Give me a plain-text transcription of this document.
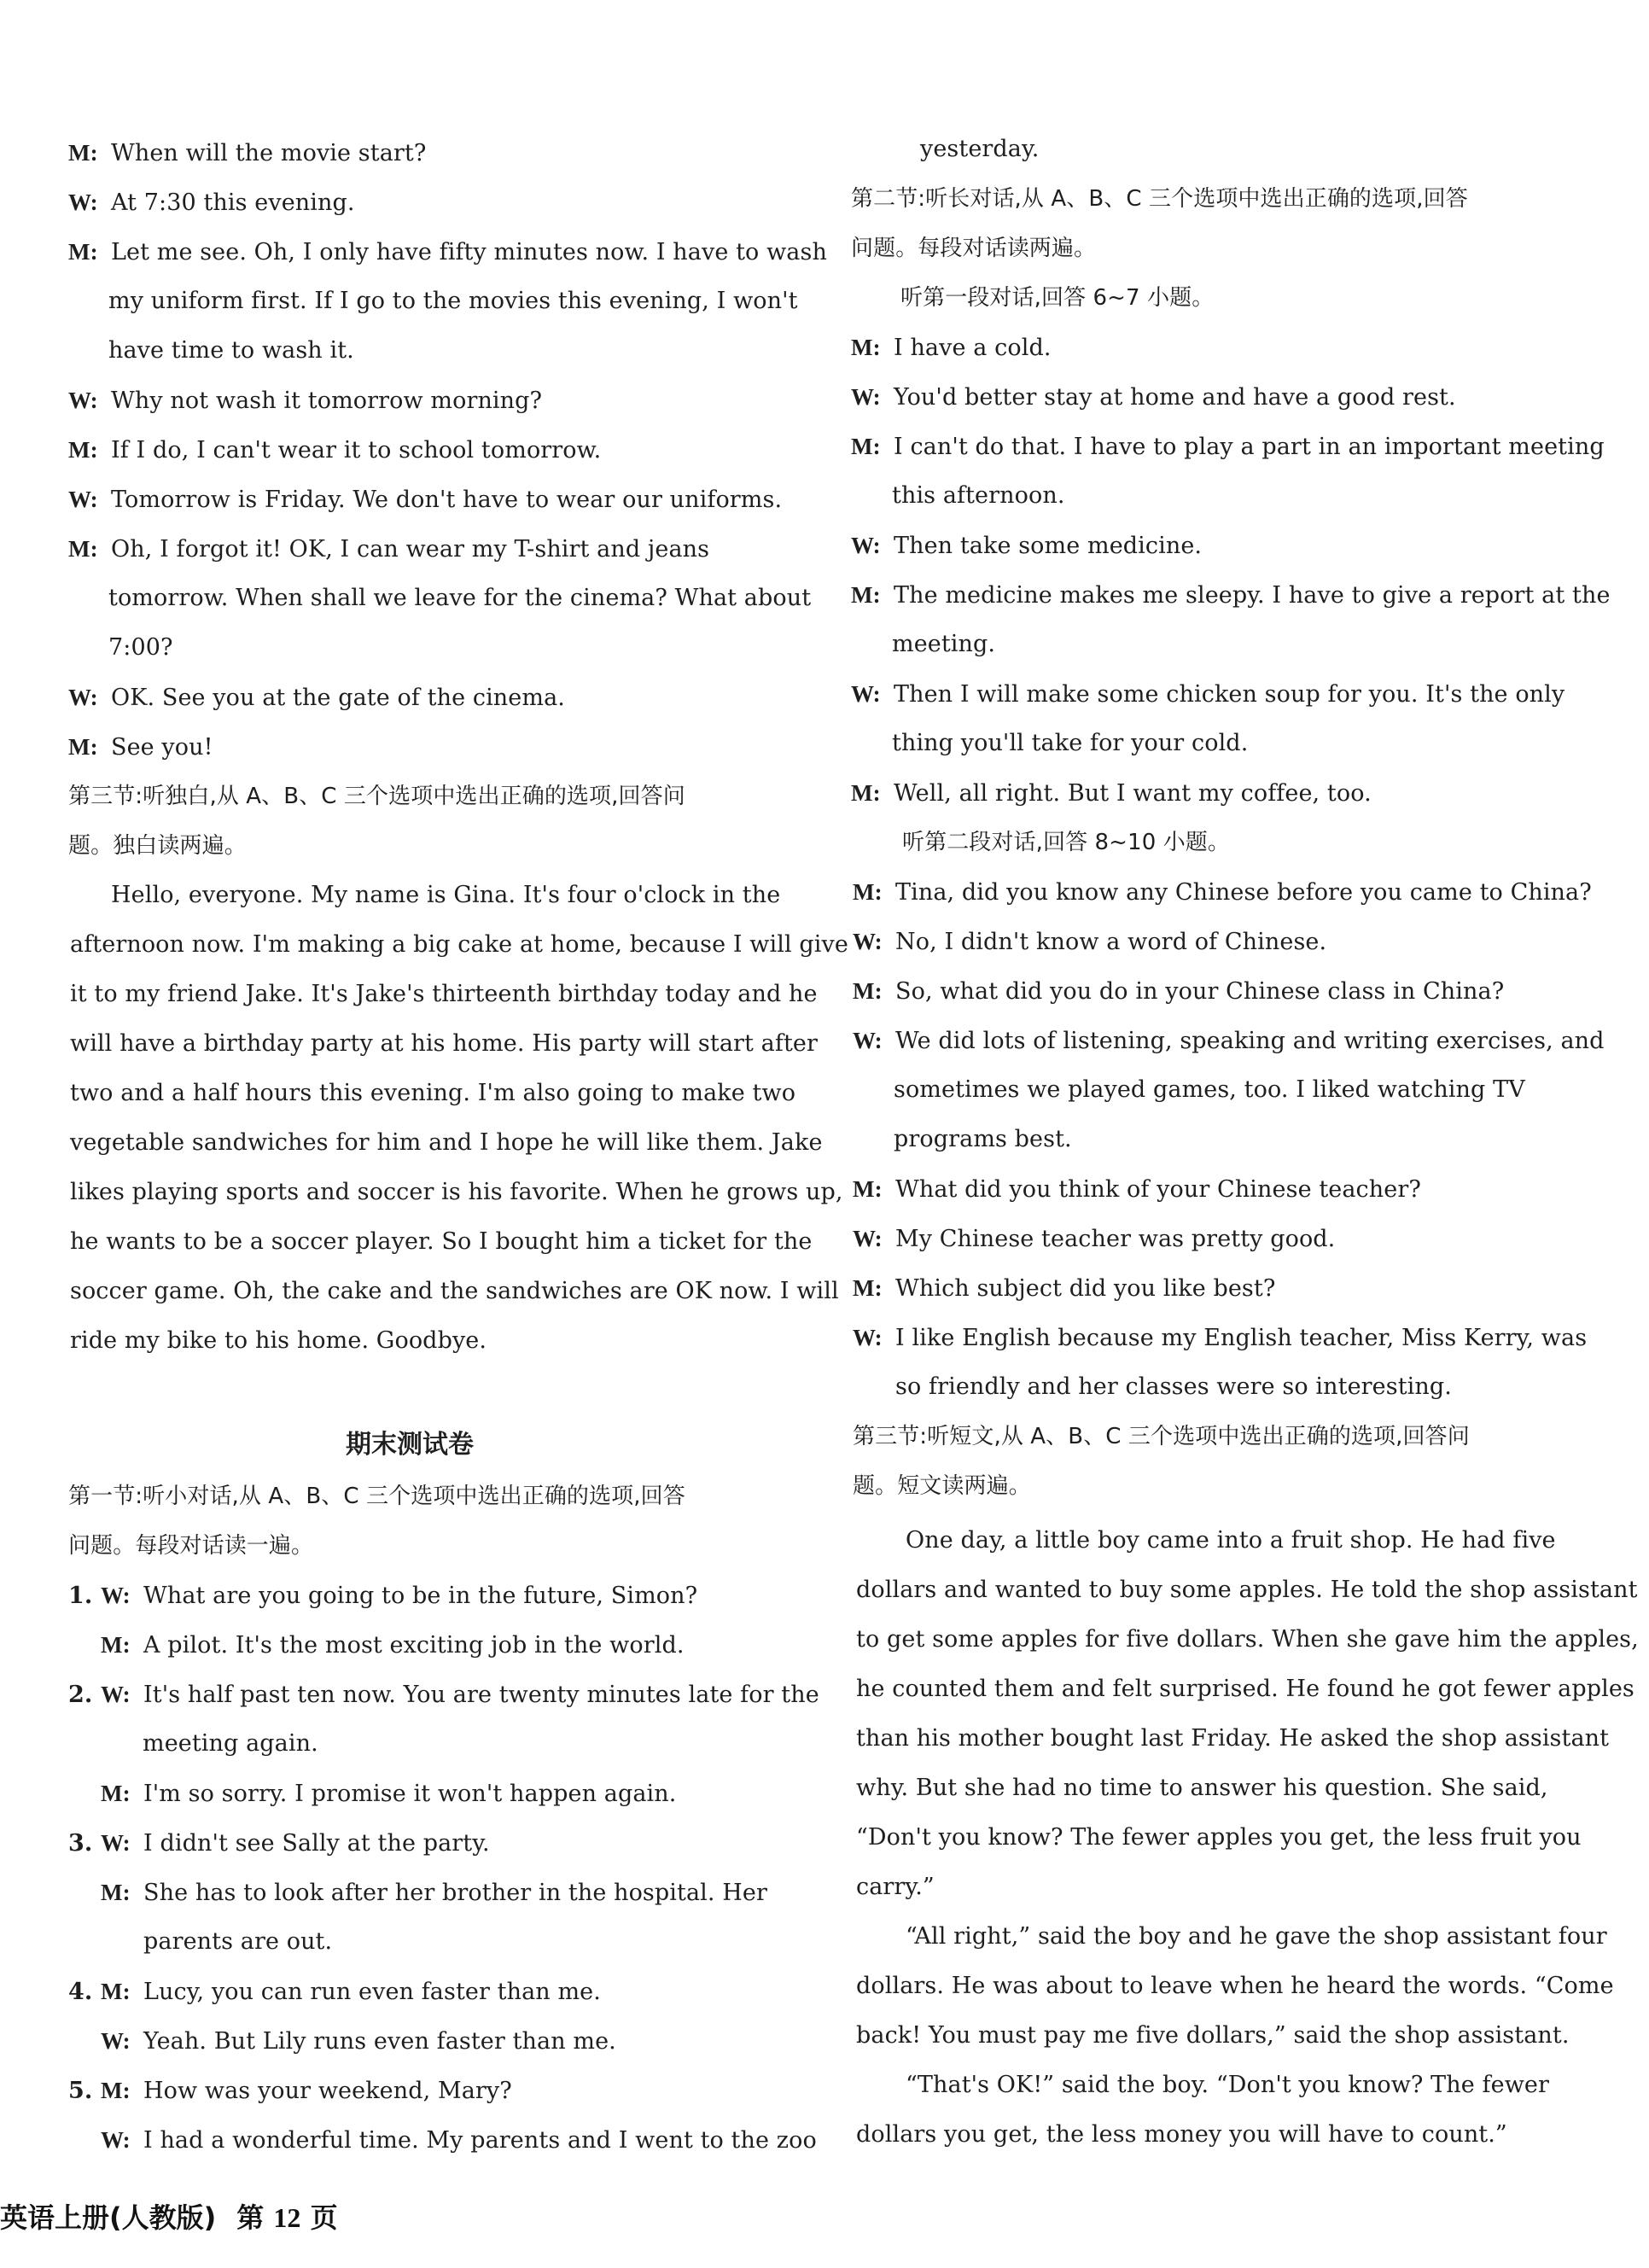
M: When will the movie start?
W: At 7:30 this evening.
M: Let me see. Oh, I only have fifty minutes now. I have to wash
my uniform first. If I go to the movies this evening, I won't
have time to wash it.
W: Why not wash it tomorrow morning?
M: If I do, I can't wear it to school tomorrow.
W: Tomorrow is Friday. We don't have to wear our uniforms.
M: Oh, I forgot it! OK, I can wear my T-shirt and jeans
tomorrow. When shall we leave for the cinema? What about
7:00?
W: OK. See you at the gate of the cinema.
M: See you!
第三节:听独白,从 A、B、C 三个选项中选出正确的选项,回答问
题。独白读两遍。
Hello, everyone. My name is Gina. It's four o'clock in the
afternoon now. I'm making a big cake at home, because I will give
it to my friend Jake. It's Jake's thirteenth birthday today and he
will have a birthday party at his home. His party will start after
two and a half hours this evening. I'm also going to make two
vegetable sandwiches for him and I hope he will like them. Jake
likes playing sports and soccer is his favorite. When he grows up,
he wants to be a soccer player. So I bought him a ticket for the
soccer game. Oh, the cake and the sandwiches are OK now. I will
ride my bike to his home. Goodbye.
期末测试卷
第一节:听小对话,从 A、B、C 三个选项中选出正确的选项,回答
问题。每段对话读一遍。
1. W: What are you going to be in the future, Simon?
M: A pilot. It's the most exciting job in the world.
2. W: It's half past ten now. You are twenty minutes late for the
meeting again.
M: I'm so sorry. I promise it won't happen again.
3. W: I didn't see Sally at the party.
M: She has to look after her brother in the hospital. Her
parents are out.
4. M: Lucy, you can run even faster than me.
W: Yeah. But Lily runs even faster than me.
5. M: How was your weekend, Mary?
W: I had a wonderful time. My parents and I went to the zoo
yesterday.
第二节:听长对话,从 A、B、C 三个选项中选出正确的选项,回答
问题。每段对话读两遍。
听第一段对话,回答 6~7 小题。
M: I have a cold.
W: You'd better stay at home and have a good rest.
M: I can't do that. I have to play a part in an important meeting
this afternoon.
W: Then take some medicine.
M: The medicine makes me sleepy. I have to give a report at the
meeting.
W: Then I will make some chicken soup for you. It's the only
thing you'll take for your cold.
M: Well, all right. But I want my coffee, too.
听第二段对话,回答 8~10 小题。
M: Tina, did you know any Chinese before you came to China?
W: No, I didn't know a word of Chinese.
M: So, what did you do in your Chinese class in China?
W: We did lots of listening, speaking and writing exercises, and
sometimes we played games, too. I liked watching TV
programs best.
M: What did you think of your Chinese teacher?
W: My Chinese teacher was pretty good.
M: Which subject did you like best?
W: I like English because my English teacher, Miss Kerry, was
so friendly and her classes were so interesting.
第三节:听短文,从 A、B、C 三个选项中选出正确的选项,回答问
题。短文读两遍。
One day, a little boy came into a fruit shop. He had five
dollars and wanted to buy some apples. He told the shop assistant
to get some apples for five dollars. When she gave him the apples,
he counted them and felt surprised. He found he got fewer apples
than his mother bought last Friday. He asked the shop assistant
why. But she had no time to answer his question. She said,
“Don't you know? The fewer apples you get, the less fruit you
carry.”
“All right,” said the boy and he gave the shop assistant four
dollars. He was about to leave when he heard the words. “Come
back! You must pay me five dollars,” said the shop assistant.
“That's OK!” said the boy. “Don't you know? The fewer
dollars you get, the less money you will have to count.”
英语上册(人教版) 第 12 页
